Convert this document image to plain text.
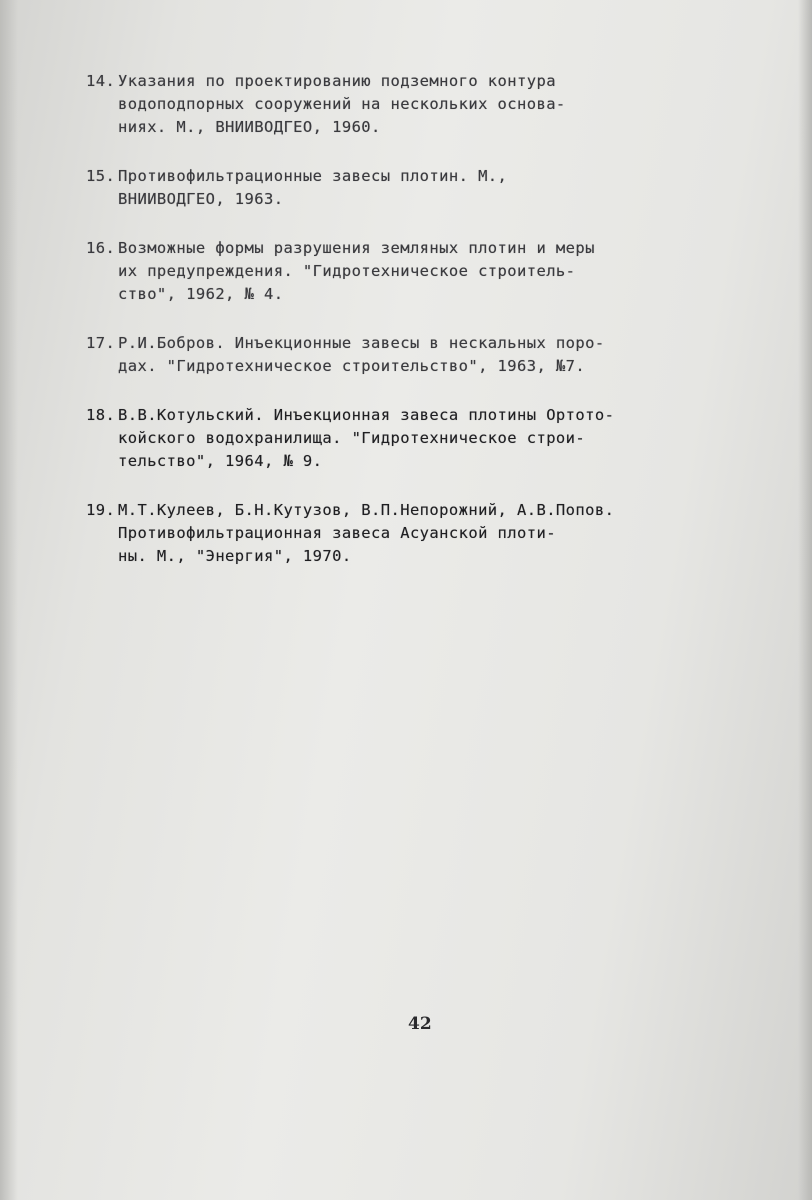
14. Указания по проектированию подземного контура
водоподпорных сооружений на нескольких основа-
ниях. М., ВНИИВОДГЕО, 1960.
15. Противофильтрационные завесы плотин. М.,
ВНИИВОДГЕО, 1963.
16. Возможные формы разрушения земляных плотин и меры
их предупреждения. "Гидротехническое строитель-
ство", 1962, № 4.
17. Р.И.Бобров. Инъекционные завесы в нескальных поро-
дах. "Гидротехническое строительство", 1963, №7.
18. В.В.Котульский. Инъекционная завеса плотины Ортото-
койского водохранилища. "Гидротехническое строи-
тельство", 1964, № 9.
19. М.Т.Кулеев, Б.Н.Кутузов, В.П.Непорожний, А.В.Попов.
Противофильтрационная завеса Асуанской плоти-
ны. М., "Энергия", 1970.
42
